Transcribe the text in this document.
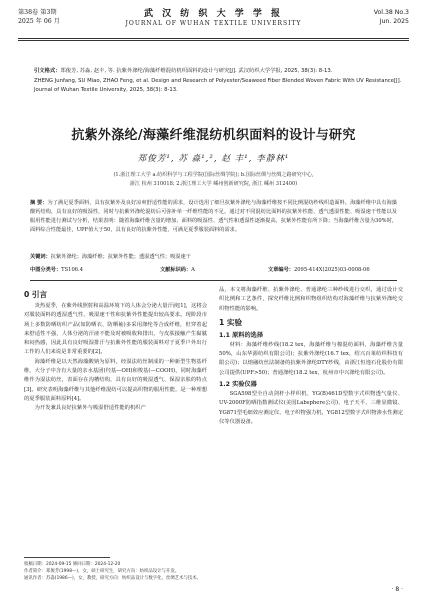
第38卷 第3期
2025 年 06 月
武 汉 纺 织 大 学 学 报
JOURNAL OF WUHAN TEXTILE UNIVERSITY
Vol.38 No.3
Jun. 2025
引文格式：郑俊芳, 苏淼, 赵丰, 等. 抗紫外涤纶/海藻纤维混纺机织面料的设计与研究[J]. 武汉纺织大学学报, 2025, 38(3): 8-13.
ZHENG Junfang, SU Miao, ZHAO Feng, et al. Design and Research of Polyester/Seaweed Fiber Blended Woven Fabric With UV Resistance[J]. Journal of Wuhan Textile University, 2025, 38(3): 8-13.
抗紫外涤纶/海藻纤维混纺机织面料的设计与研究
郑俊芳¹, 苏 淼¹,², 赵 丰¹, 李静林¹
(1.浙江理工大学 a.纺织科学与工程学院(国际丝绸学院); b.国际丝绸与丝绸之路研究中心,
浙江 杭州 310018; 2.浙江理工大学 嵊州创新研究院, 浙江 嵊州 312400)
摘 要：为了满足夏季面料，具有抗紫外及良好凉爽舒适性能的需求，设计选用了细旦抗紫外涤纶与海藻纤维按不同比例混纺纱线织造面料。海藻纤维中具有海藻酸钙结构，具有良好的吸湿性，同时与抗紫外涤纶混纺后可弥补单一纤维性能的不足。通过对不同混纺比面料的抗紫外性能、透气透湿性能、吸湿速干性能以及服用性能进行测试与分析，结果表明：随着海藻纤维含量的增加，面料的吸湿性、透气性和透湿性逐渐提高，抗紫外性能有所下降；当海藻纤维含量为30%时，面料综合性能最佳，UPF值大于50，具有良好的抗紫外性能，可满足夏季服装面料的需求。
关键词：抗紫外涤纶；海藻纤维；抗紫外性能；透湿透气性；吸湿速干
中图分类号：TS106.4	文献标识码：A	文章编号：2095-414X(2025)03-0008-06
0 引言

炎热夏季，在紫外线照射和高温环境下的人体会分泌大量汗液[1]，这将会对服装面料的透湿透气性、吸湿速干性和抗紫外性能提出较高要求。现阶段市场上多数防晒纺织产品(如防晒衣、防晒袖)多采用涤纶等合成纤维，但穿着起来舒适性不强，人体分泌的汗液不能及时被吸收和排出，与皮肤接触产生黏腻和闷热感，因此具有良好吸湿排汗与抗紫外性能的服装面料对于夏季户外出行工作的人们来说是非常重要的[2]。

海藻纤维是以天然海藻酸钠为原料，经湿法纺丝制成的一种新型生物基纤维，大分子中含有大量的亲水基团(羟基—OH)和羧基(—COOH)，同时海藻纤维作为湿法纺丝，表面存在沟槽结构，具有良好的吸湿透气、保湿亲肤的特点[3]。研究表明海藻纤维与其他纤维混纺可以提高织物的服用性能，是一种理想的夏季服装面料原料[4]。

为开发兼具良好抗紫外与吸湿舒适性能的机织产

品，本文将海藻纤维、抗紫外涤纶、普通涤纶三种纱线进行交织，通过设计交织比例和工艺条件，探究纤维比例和织物组织结构对海藻纤维与抗紫外涤纶交织物性能的影响。

1 实验
1.1 原料的选择

材料：海藻纤维纱线(18.2 tex，海藻纤维与棉混纺面料，海藻纤维含量50%，山东华源纺织有限公司)；抗紫外涤纶(16.7 tex，绍兴百莱纺织科技有限公司)；以熔融纺丝法制备的抗紫外涤纶DTY纱线，由浙江恒逸石化股份有限公司提供(UPF>50)；普通涤纶(18.2 tex，杭州市中兴涤纶有限公司)。

1.2 实验仪器

SGA598型全自动剑杆小样织机、YG(B)461D型数字式织物透气量仪、UV-2000F防晒指数测试仪(美国Labsphere公司)、电子天平、三维显微镜、YG871型毛细效应测定仪、电子织物强力机，YG812型数字式织物渗水性测定仪等仪器设备。

收稿日期：2024-09-15 修回日期：2024-12-20
作者简介：郑俊芳(1998—)，女，硕士研究生，研究方向：纺织品设计与开发。
通讯作者：苏淼(1986—)，女，教授，研究方向：纺织品设计与数字化，丝绸艺术与技术。
· 8 ·
